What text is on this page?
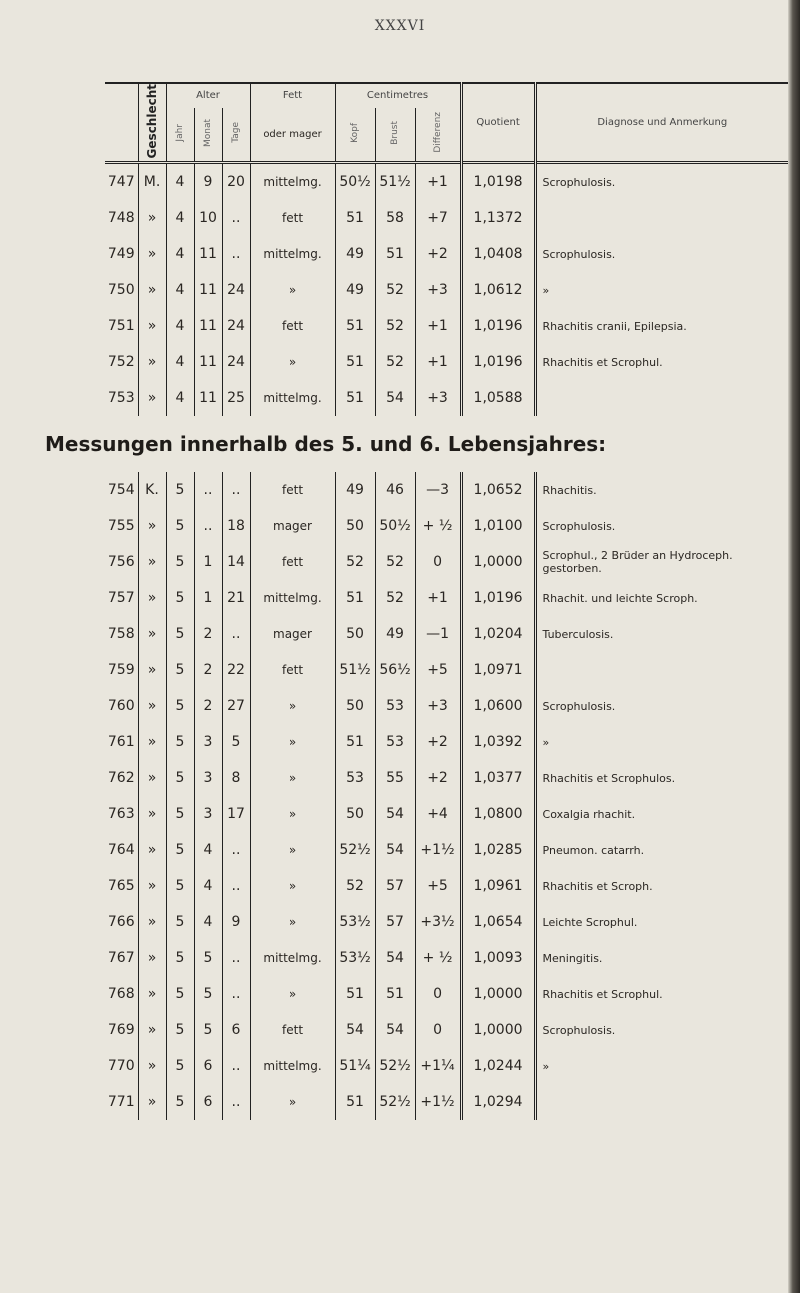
XXXVI
	Geschlecht	Alter			Fett	Centimetres			Quotient	Diagnose und Anmerkung
		Jahr	Monat	Tage	oder mager	Kopf	Brust	Differenz		
747	M.	4	9	20	mittelmg.	50½	51½	+1	1,0198	Scrophulosis.
748	»	4	10	..	fett	51	58	+7	1,1372	
749	»	4	11	..	mittelmg.	49	51	+2	1,0408	Scrophulosis.
750	»	4	11	24	»	49	52	+3	1,0612	»
751	»	4	11	24	fett	51	52	+1	1,0196	Rhachitis cranii, Epilepsia.
752	»	4	11	24	»	51	52	+1	1,0196	Rhachitis et Scrophul.
753	»	4	11	25	mittelmg.	51	54	+3	1,0588	
Messungen innerhalb des 5. und 6. Lebensjahres:										
754	K.	5	..	..	fett	49	46	—3	1,0652	Rhachitis.
755	»	5	..	18	mager	50	50½	+ ½	1,0100	Scrophulosis.
756	»	5	1	14	fett	52	52	0	1,0000	Scrophul., 2 Brüder an Hydroceph. gestorben.
757	»	5	1	21	mittelmg.	51	52	+1	1,0196	Rhachit. und leichte Scroph.
758	»	5	2	..	mager	50	49	—1	1,0204	Tuberculosis.
759	»	5	2	22	fett	51½	56½	+5	1,0971	
760	»	5	2	27	»	50	53	+3	1,0600	Scrophulosis.
761	»	5	3	5	»	51	53	+2	1,0392	»
762	»	5	3	8	»	53	55	+2	1,0377	Rhachitis et Scrophulos.
763	»	5	3	17	»	50	54	+4	1,0800	Coxalgia rhachit.
764	»	5	4	..	»	52½	54	+1½	1,0285	Pneumon. catarrh.
765	»	5	4	..	»	52	57	+5	1,0961	Rhachitis et Scroph.
766	»	5	4	9	»	53½	57	+3½	1,0654	Leichte Scrophul.
767	»	5	5	..	mittelmg.	53½	54	+ ½	1,0093	Meningitis.
768	»	5	5	..	»	51	51	0	1,0000	Rhachitis et Scrophul.
769	»	5	5	6	fett	54	54	0	1,0000	Scrophulosis.
770	»	5	6	..	mittelmg.	51¼	52½	+1¼	1,0244	»
771	»	5	6	..	»	51	52½	+1½	1,0294	
